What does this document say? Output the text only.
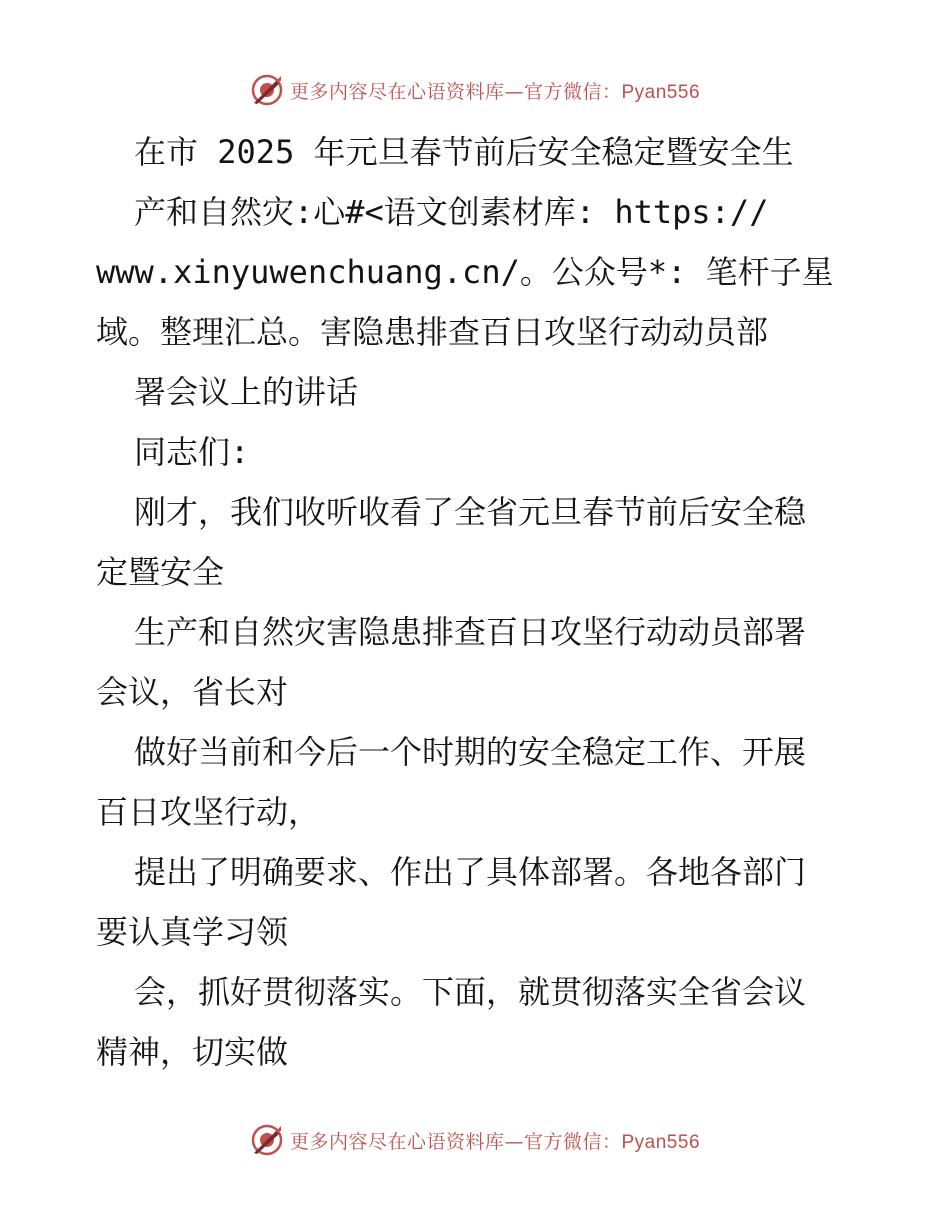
更多内容尽在心语资料库—官方微信：Pyan556
在市 2025 年元旦春节前后安全稳定暨安全生
产和自然灾:心#<语文创素材库: https://
www.xinyuwenchuang.cn/。公众号*: 笔杆子星
域。整理汇总。害隐患排查百日攻坚行动动员部
署会议上的讲话
同志们:
刚才，我们收听收看了全省元旦春节前后安全稳
定暨安全
生产和自然灾害隐患排查百日攻坚行动动员部署
会议，省长对
做好当前和今后一个时期的安全稳定工作、开展
百日攻坚行动，
提出了明确要求、作出了具体部署。各地各部门
要认真学习领
会，抓好贯彻落实。下面，就贯彻落实全省会议
精神，切实做
更多内容尽在心语资料库—官方微信：Pyan556
